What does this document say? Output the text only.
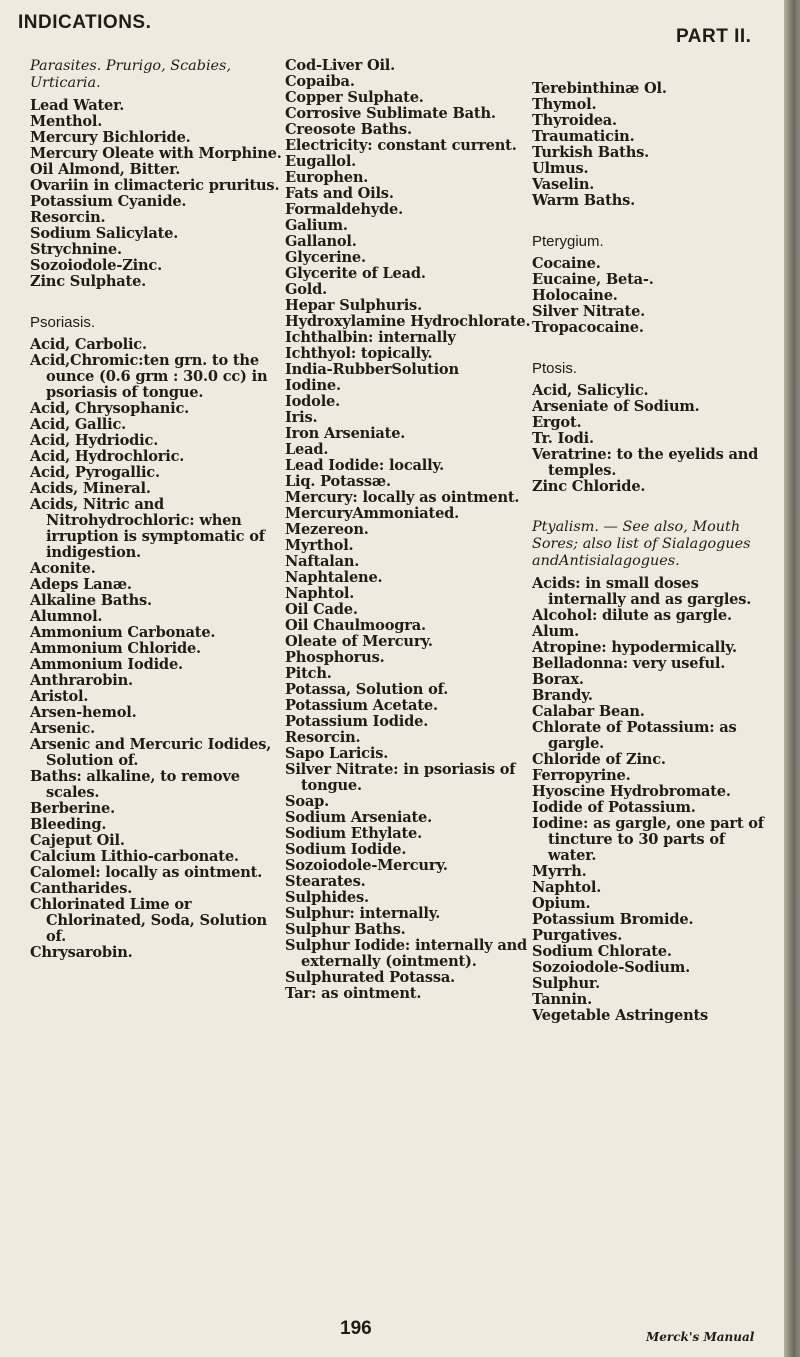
INDICATIONS.
PART II.
Parasites. Prurigo, Scabies, Urticaria.

Lead Water.

Menthol.

Mercury Bichloride.

Mercury Oleate with Morphine.

Oil Almond, Bitter.

Ovariin in climacteric pruritus.

Potassium Cyanide.

Resorcin.

Sodium Salicylate.

Strychnine.

Sozoiodole-Zinc.

Zinc Sulphate.

Psoriasis.

Acid, Carbolic.

Acid,Chromic:ten grn. to the ounce (0.6 grm : 30.0 cc) in psoriasis of tongue.

Acid, Chrysophanic.

Acid, Gallic.

Acid, Hydriodic.

Acid, Hydrochloric.

Acid, Pyrogallic.

Acids, Mineral.

Acids, Nitric and Nitrohydrochloric: when irruption is symptomatic of indigestion.

Aconite.

Adeps Lanæ.

Alkaline Baths.

Alumnol.

Ammonium Carbonate.

Ammonium Chloride.

Ammonium Iodide.

Anthrarobin.

Aristol.

Arsen-hemol.

Arsenic.

Arsenic and Mercuric Iodides, Solution of.

Baths: alkaline, to remove scales.

Berberine.

Bleeding.

Cajeput Oil.

Calcium Lithio-carbonate.

Calomel: locally as ointment.

Cantharides.

Chlorinated Lime or Chlorinated, Soda, Solution of.

Chrysarobin.

Cod-Liver Oil.

Copaiba.

Copper Sulphate.

Corrosive Sublimate Bath.

Creosote Baths.

Electricity: constant current.

Eugallol.

Europhen.

Fats and Oils.

Formaldehyde.

Galium.

Gallanol.

Glycerine.

Glycerite of Lead.

Gold.

Hepar Sulphuris.

Hydroxylamine Hydrochlorate.

Ichthalbin: internally

Ichthyol: topically.

India-RubberSolution

Iodine.

Iodole.

Iris.

Iron Arseniate.

Lead.

Lead Iodide: locally.

Liq. Potassæ.

Mercury: locally as ointment.

MercuryAmmoniated.

Mezereon.

Myrthol.

Naftalan.

Naphtalene.

Naphtol.

Oil Cade.

Oil Chaulmoogra.

Oleate of Mercury.

Phosphorus.

Pitch.

Potassa, Solution of.

Potassium Acetate.

Potassium Iodide.

Resorcin.

Sapo Laricis.

Silver Nitrate: in psoriasis of tongue.

Soap.

Sodium Arseniate.

Sodium Ethylate.

Sodium Iodide.

Sozoiodole-Mercury.

Stearates.

Sulphides.

Sulphur: internally.

Sulphur Baths.

Sulphur Iodide: internally and externally (ointment).

Sulphurated Potassa.

Tar: as ointment.

Terebinthinæ Ol.

Thymol.

Thyroidea.

Traumaticin.

Turkish Baths.

Ulmus.

Vaselin.

Warm Baths.

Pterygium.

Cocaine.

Eucaine, Beta-.

Holocaine.

Silver Nitrate.

Tropacocaine.

Ptosis.

Acid, Salicylic.

Arseniate of Sodium.

Ergot.

Tr. Iodi.

Veratrine: to the eyelids and temples.

Zinc Chloride.

Ptyalism. — See also, Mouth Sores; also list of Sialagogues andAntisialagogues.

Acids: in small doses internally and as gargles.

Alcohol: dilute as gargle.

Alum.

Atropine: hypodermically.

Belladonna: very useful.

Borax.

Brandy.

Calabar Bean.

Chlorate of Potassium: as gargle.

Chloride of Zinc.

Ferropyrine.

Hyoscine Hydrobromate.

Iodide of Potassium.

Iodine: as gargle, one part of tincture to 30 parts of water.

Myrrh.

Naphtol.

Opium.

Potassium Bromide.

Purgatives.

Sodium Chlorate.

Sozoiodole-Sodium.

Sulphur.

Tannin.

Vegetable Astringents

196	Merck's Manual
